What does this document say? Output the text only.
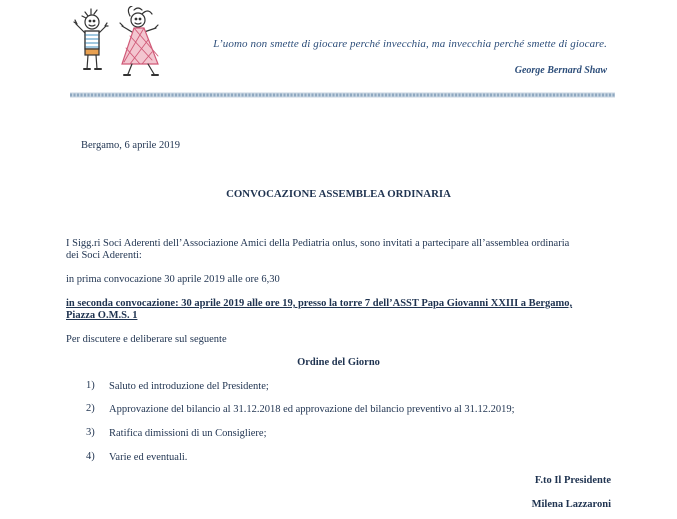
L’uomo non smette di giocare perché invecchia, ma invecchia perché smette di giocare.
George Bernard Shaw
Bergamo, 6 aprile 2019
CONVOCAZIONE ASSEMBLEA ORDINARIA
I Sigg.ri Soci Aderenti dell’Associazione Amici della Pediatria onlus, sono invitati a partecipare all’assemblea ordinaria
dei Soci Aderenti:
in prima convocazione 30 aprile 2019 alle ore 6,30
in seconda convocazione: 30 aprile 2019 alle ore 19, presso la torre 7 dell’ASST Papa Giovanni XXIII a Bergamo,
Piazza O.M.S. 1
Per discutere e deliberare sul seguente
Ordine del Giorno
1) Saluto ed introduzione del Presidente;
2) Approvazione del bilancio al 31.12.2018 ed approvazione del bilancio preventivo al 31.12.2019;
3) Ratifica dimissioni di un Consigliere;
4) Varie ed eventuali.
F.to Il Presidente
Milena Lazzaroni
